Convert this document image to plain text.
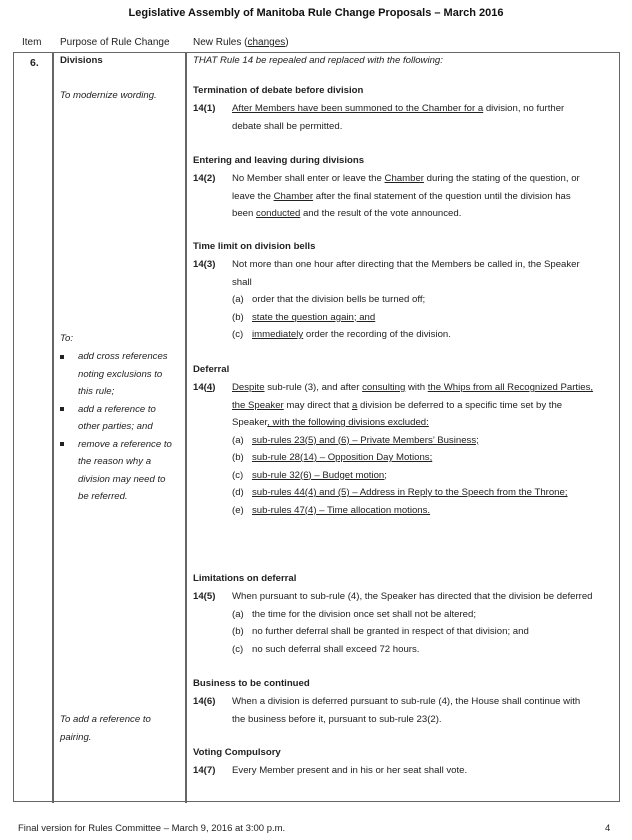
Legislative Assembly of Manitoba Rule Change Proposals – March 2016
Item Purpose of Rule Change New Rules (changes)
6. Divisions
To modernize wording.
To:
add cross references
noting exclusions to
this rule;
add a reference to
other parties; and
remove a reference to
the reason why a
division may need to
be referred.
To add a reference to
pairing.
THAT Rule 14 be repealed and replaced with the following:
Termination of debate before division
14(1) After Members have been summoned to the Chamber for a division, no further
debate shall be permitted.
Entering and leaving during divisions
14(2) No Member shall enter or leave the Chamber during the stating of the question, or
leave the Chamber after the final statement of the question until the division has
been conducted and the result of the vote announced.
Time limit on division bells
14(3) Not more than one hour after directing that the Members be called in, the Speaker
shall
(a) order that the division bells be turned off;
(b) state the question again; and
(c) immediately order the recording of the division.
Deferral
14(4) Despite sub-rule (3), and after consulting with the Whips from all Recognized Parties,
the Speaker may direct that a division be deferred to a specific time set by the
Speaker, with the following divisions excluded:
(a) sub-rules 23(5) and (6) – Private Members’ Business;
(b) sub-rule 28(14) – Opposition Day Motions;
(c) sub-rule 32(6) – Budget motion;
(d) sub-rules 44(4) and (5) – Address in Reply to the Speech from the Throne;
(e) sub-rules 47(4) – Time allocation motions.
Limitations on deferral
14(5) When pursuant to sub-rule (4), the Speaker has directed that the division be deferred
(a) the time for the division once set shall not be altered;
(b) no further deferral shall be granted in respect of that division; and
(c) no such deferral shall exceed 72 hours.
Business to be continued
14(6) When a division is deferred pursuant to sub-rule (4), the House shall continue with
the business before it, pursuant to sub-rule 23(2).
Voting Compulsory
14(7) Every Member present and in his or her seat shall vote.
Final version for Rules Committee – March 9, 2016 at 3:00 p.m.	4
